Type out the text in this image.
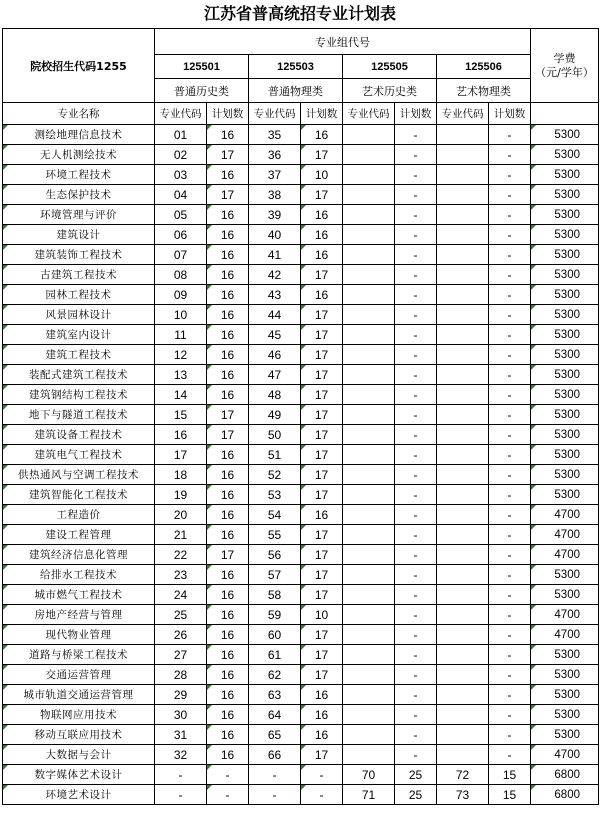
江苏省普高统招专业计划表
院校招生代码1255	专业组代号								学费
（元/学年）
	125501		125503		125505		125506		
	普通历史类		普通物理类		艺术历史类		艺术物理类		
专业名称	专业代码	计划数	专业代码	计划数	专业代码	计划数	专业代码	计划数	
测绘地理信息技术	01	16	35	16		-		-	5300
无人机测绘技术	02	17	36	17		-		-	5300
环境工程技术	03	16	37	10		-		-	5300
生态保护技术	04	17	38	17		-		-	5300
环境管理与评价	05	16	39	16		-		-	5300
建筑设计	06	16	40	16		-		-	5300
建筑装饰工程技术	07	16	41	16		-		-	5300
古建筑工程技术	08	16	42	17		-		-	5300
园林工程技术	09	16	43	16		-		-	5300
风景园林设计	10	16	44	17		-		-	5300
建筑室内设计	11	16	45	17		-		-	5300
建筑工程技术	12	16	46	17		-		-	5300
装配式建筑工程技术	13	16	47	17		-		-	5300
建筑钢结构工程技术	14	16	48	17		-		-	5300
地下与隧道工程技术	15	17	49	17		-		-	5300
建筑设备工程技术	16	17	50	17		-		-	5300
建筑电气工程技术	17	16	51	17		-		-	5300
供热通风与空调工程技术	18	16	52	17		-		-	5300
建筑智能化工程技术	19	16	53	17		-		-	5300
工程造价	20	16	54	16		-		-	4700
建设工程管理	21	16	55	17		-		-	4700
建筑经济信息化管理	22	17	56	17		-		-	4700
给排水工程技术	23	16	57	17		-		-	5300
城市燃气工程技术	24	16	58	17		-		-	5300
房地产经营与管理	25	16	59	10		-		-	4700
现代物业管理	26	16	60	17		-		-	4700
道路与桥梁工程技术	27	16	61	17		-		-	5300
交通运营管理	28	16	62	17		-		-	5300
城市轨道交通运营管理	29	16	63	16		-		-	5300
物联网应用技术	30	16	64	16		-		-	5300
移动互联应用技术	31	16	65	16		-		-	5300
大数据与会计	32	16	66	17		-		-	4700
数字媒体艺术设计	-	-	-	-	70	25	72	15	6800
环境艺术设计	-	-	-	-	71	25	73	15	6800
